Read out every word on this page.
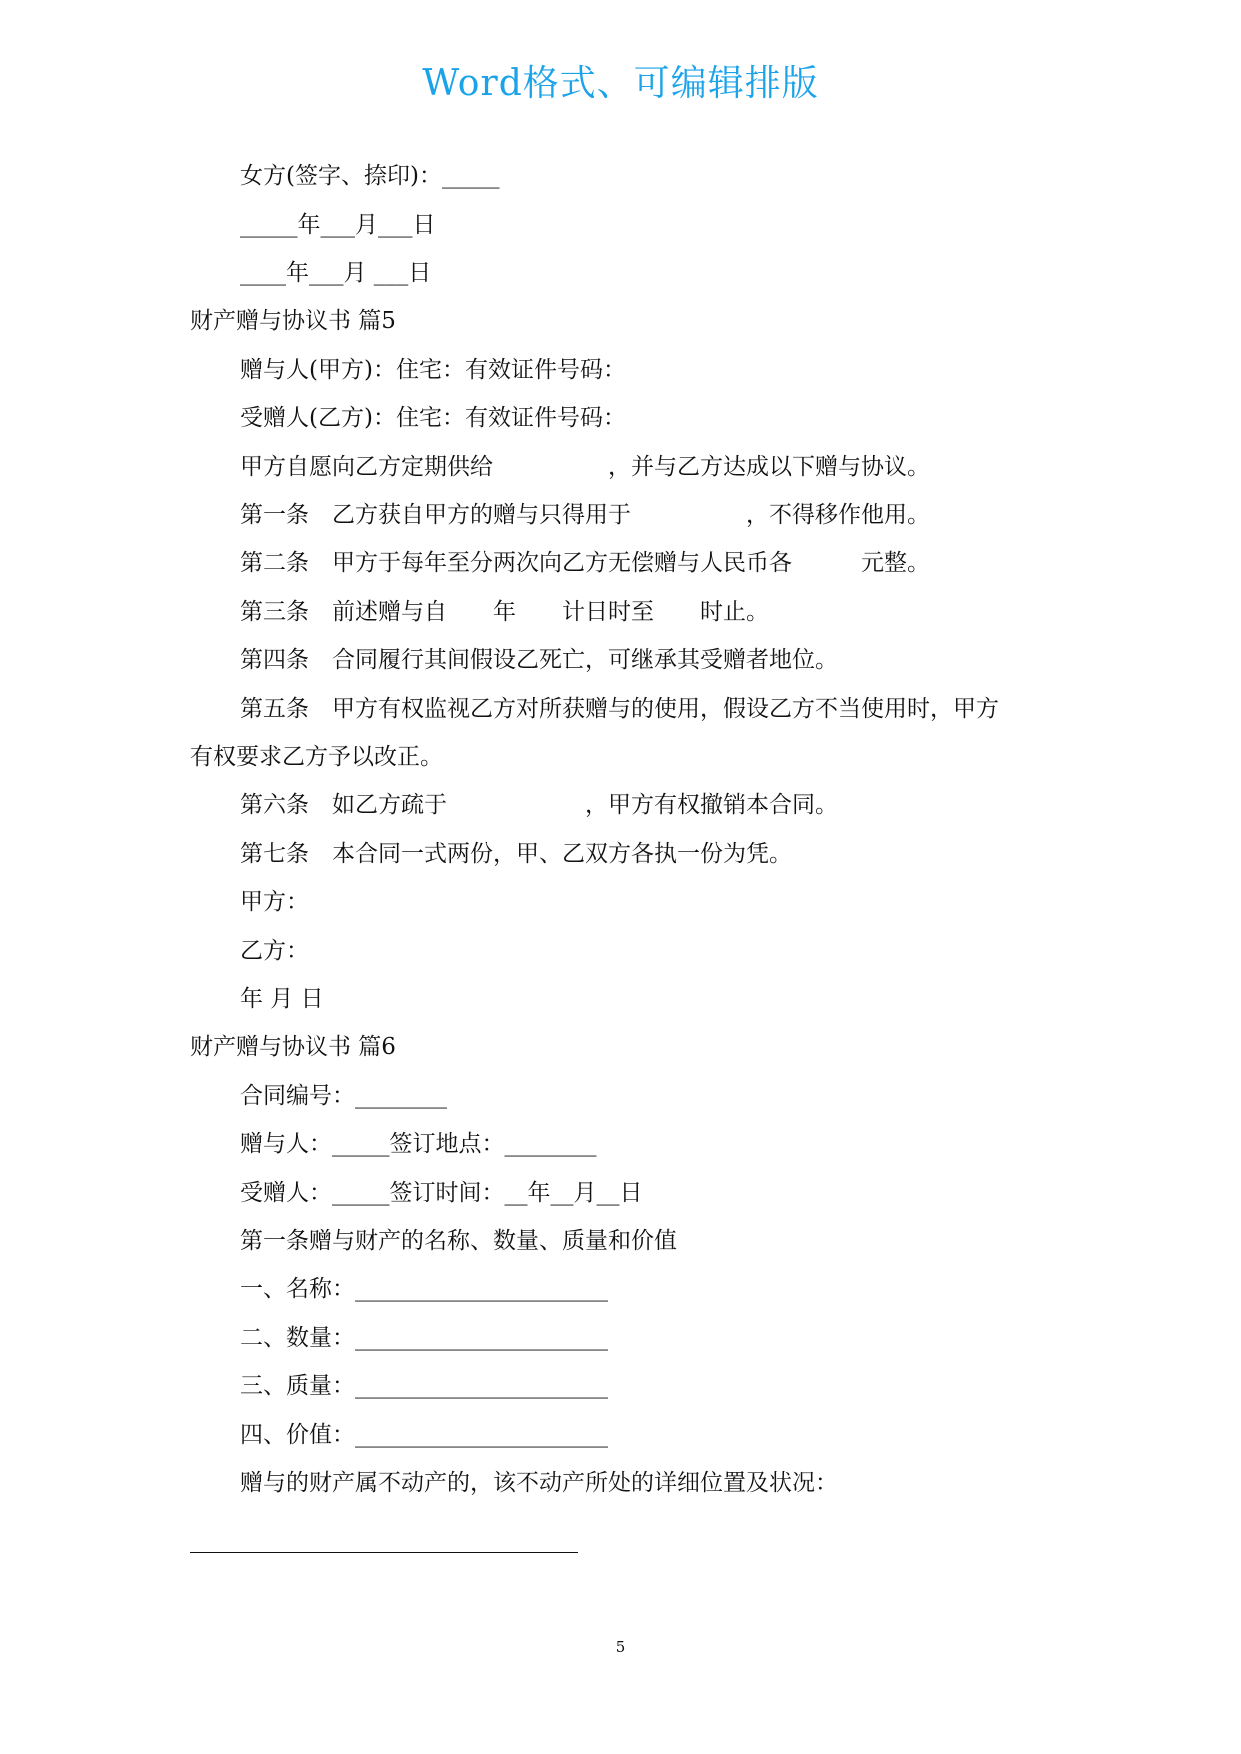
Word格式、可编辑排版
女方(签字、捺印)：_____
_____年___月___日
____年___月 ___日
财产赠与协议书 篇5
赠与人(甲方)：住宅：有效证件号码：
受赠人(乙方)：住宅：有效证件号码：
甲方自愿向乙方定期供给　　　　　，并与乙方达成以下赠与协议。
第一条　乙方获自甲方的赠与只得用于　　　　　，不得移作他用。
第二条　甲方于每年至分两次向乙方无偿赠与人民币各　　　元整。
第三条　前述赠与自　　年　　计日时至　　时止。
第四条　合同履行其间假设乙死亡，可继承其受赠者地位。
第五条　甲方有权监视乙方对所获赠与的使用，假设乙方不当使用时，甲方
有权要求乙方予以改正。
第六条　如乙方疏于　　　　　　，甲方有权撤销本合同。
第七条　本合同一式两份，甲、乙双方各执一份为凭。
甲方：
乙方：
年 月 日
财产赠与协议书 篇6
合同编号：________
赠与人：_____签订地点：________
受赠人：_____签订时间：__年__月__日
第一条赠与财产的名称、数量、质量和价值
一、名称：______________________
二、数量：______________________
三、质量：______________________
四、价值：______________________
赠与的财产属不动产的，该不动产所处的详细位置及状况：
5
